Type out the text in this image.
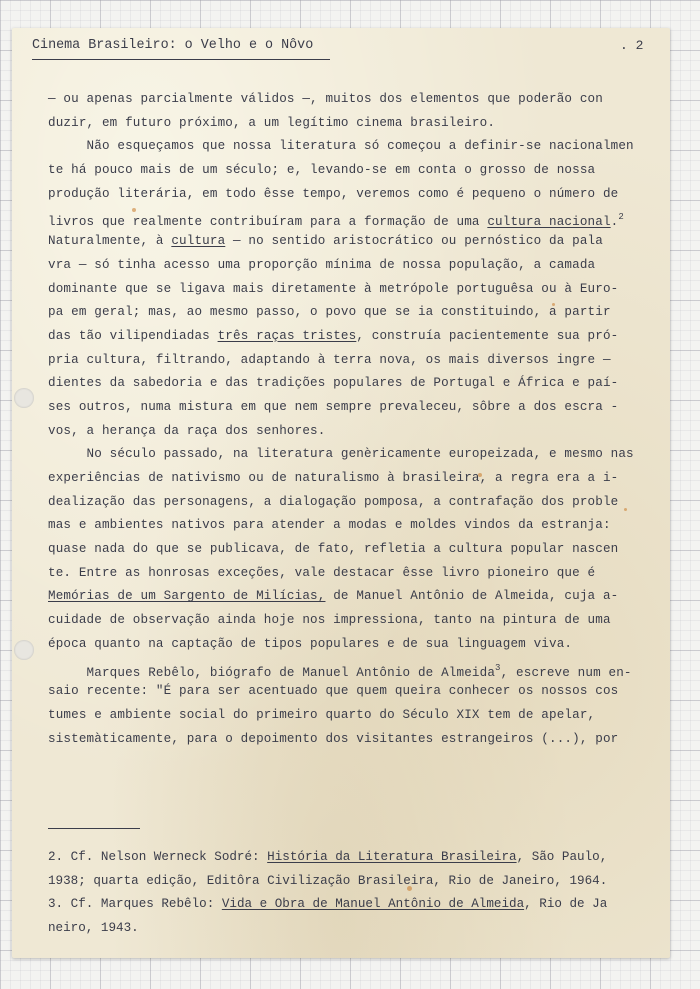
Cinema Brasileiro: o Velho e o Nôvo	. 2
— ou apenas parcialmente válidos —, muitos dos elementos que poderão con
duzir, em futuro próximo, a um legítimo cinema brasileiro.
Não esqueçamos que nossa literatura só começou a definir-se nacionalmen
te há pouco mais de um século; e, levando-se em conta o grosso de nossa
produção literária, em todo êsse tempo, veremos como é pequeno o número de
livros que realmente contribuíram para a formação de uma cultura nacional.$^2$
Naturalmente, à cultura — no sentido aristocrático ou pernóstico da pala
vra — só tinha acesso uma proporção mínima de nossa população, a camada
dominante que se ligava mais diretamente à metrópole portuguêsa ou à Euro-
pa em geral; mas, ao mesmo passo, o povo que se ia constituindo, a partir
das tão vilipendiadas três raças tristes, construía pacientemente sua pró-
pria cultura, filtrando, adaptando à terra nova, os mais diversos ingre —
dientes da sabedoria e das tradições populares de Portugal e África e paí-
ses outros, numa mistura em que nem sempre prevaleceu, sôbre a dos escra -
vos, a herança da raça dos senhores.
No século passado, na literatura genèricamente europeizada, e mesmo nas
experiências de nativismo ou de naturalismo à brasileira, a regra era a i-
dealização das personagens, a dialogação pomposa, a contrafação dos proble
mas e ambientes nativos para atender a modas e moldes vindos da estranja:
quase nada do que se publicava, de fato, refletia a cultura popular nascen
te. Entre as honrosas exceções, vale destacar êsse livro pioneiro que é
Memórias de um Sargento de Milícias, de Manuel Antônio de Almeida, cuja a-
cuidade de observação ainda hoje nos impressiona, tanto na pintura de uma
época quanto na captação de tipos populares e de sua linguagem viva.
Marques Rebêlo, biógrafo de Manuel Antônio de Almeida$^3$, escreve num en-
saio recente: "É para ser acentuado que quem queira conhecer os nossos cos
tumes e ambiente social do primeiro quarto do Século XIX tem de apelar,
sistemàticamente, para o depoimento dos visitantes estrangeiros (...), por
2. Cf. Nelson Werneck Sodré: História da Literatura Brasileira, São Paulo,
1938; quarta edição, Editôra Civilização Brasileira, Rio de Janeiro, 1964.
3. Cf. Marques Rebêlo: Vida e Obra de Manuel Antônio de Almeida, Rio de Ja
neiro, 1943.
